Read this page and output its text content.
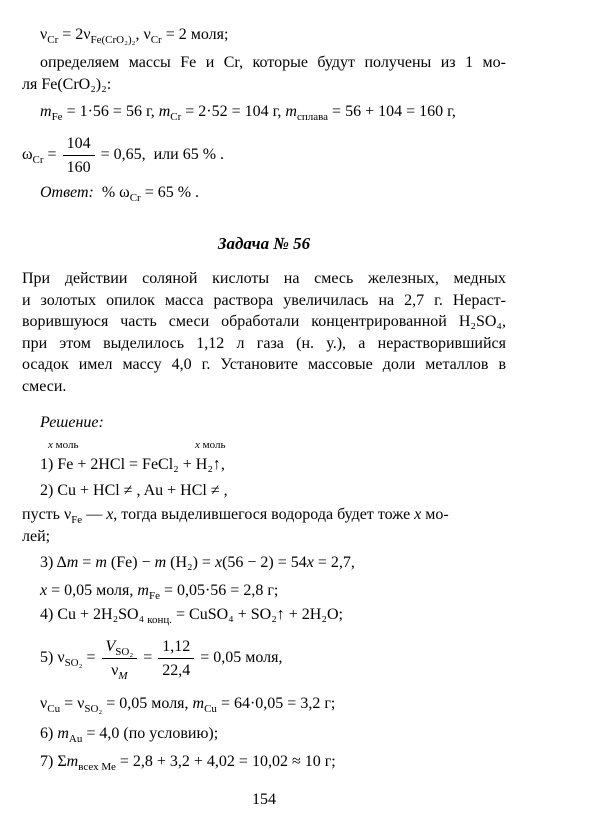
$\nu_{Cr} = 2\nu_{Fe(CrO_2)_2}$, $\nu_{Cr} = 2$ моля;
определяем массы Fe и Cr, которые будут получены из 1 мо-
ля Fe(CrO₂)₂:
$m_{Fe} = 1\cdot 56 = 56$ г, $m_{Cr} = 2\cdot 52 = 104$ г, $m_{сплава} = 56 + 104 = 160$ г,
$\omega_{Cr} = \frac{104}{160} = 0,65$,  или 65 % .
Ответ:  % $\omega_{Cr} = 65$ % .
Задача № 56
При действии соляной кислоты на смесь железных, медных
и золотых опилок масса раствора увеличилась на 2,7 г. Нераст-
ворившуюся часть смеси обработали концентрированной H₂SO₄,
при этом выделилось 1,12 л газа (н. у.), а нерастворившийся
осадок имел массу 4,0 г. Установите массовые доли металлов в
смеси.
Решение:
x моль	x моль
1) Fe + 2HCl = FeCl₂ + H₂↑,
2) Cu + HCl ≠ , Au + HCl ≠ ,
пусть $\nu_{Fe}$ — x, тогда выделившегося водорода будет тоже x мо-
лей;
3) Δm = m (Fe) − m (H₂) = x(56 − 2) = 54x = 2,7,
x = 0,05 моля, $m_{Fe} = 0,05\cdot 56 = 2,8$ г;
4) Cu + 2H₂SO₄ $_{конц.}$ = CuSO₄ + SO₂↑ + 2H₂O;
5) $\nu_{SO_2} = \frac{V_{SO_2}}{\nu_M} = \frac{1,12}{22,4} = 0,05$ моля,
$\nu_{Cu} = \nu_{SO_2} = 0,05$ моля, $m_{Cu} = 64\cdot 0,05 = 3,2$ г;
6) $m_{Au} = 4,0$ (по условию);
7) $\Sigma m_{всех Ме} = 2,8 + 3,2 + 4,02 = 10,02 \approx 10$ г;
154
